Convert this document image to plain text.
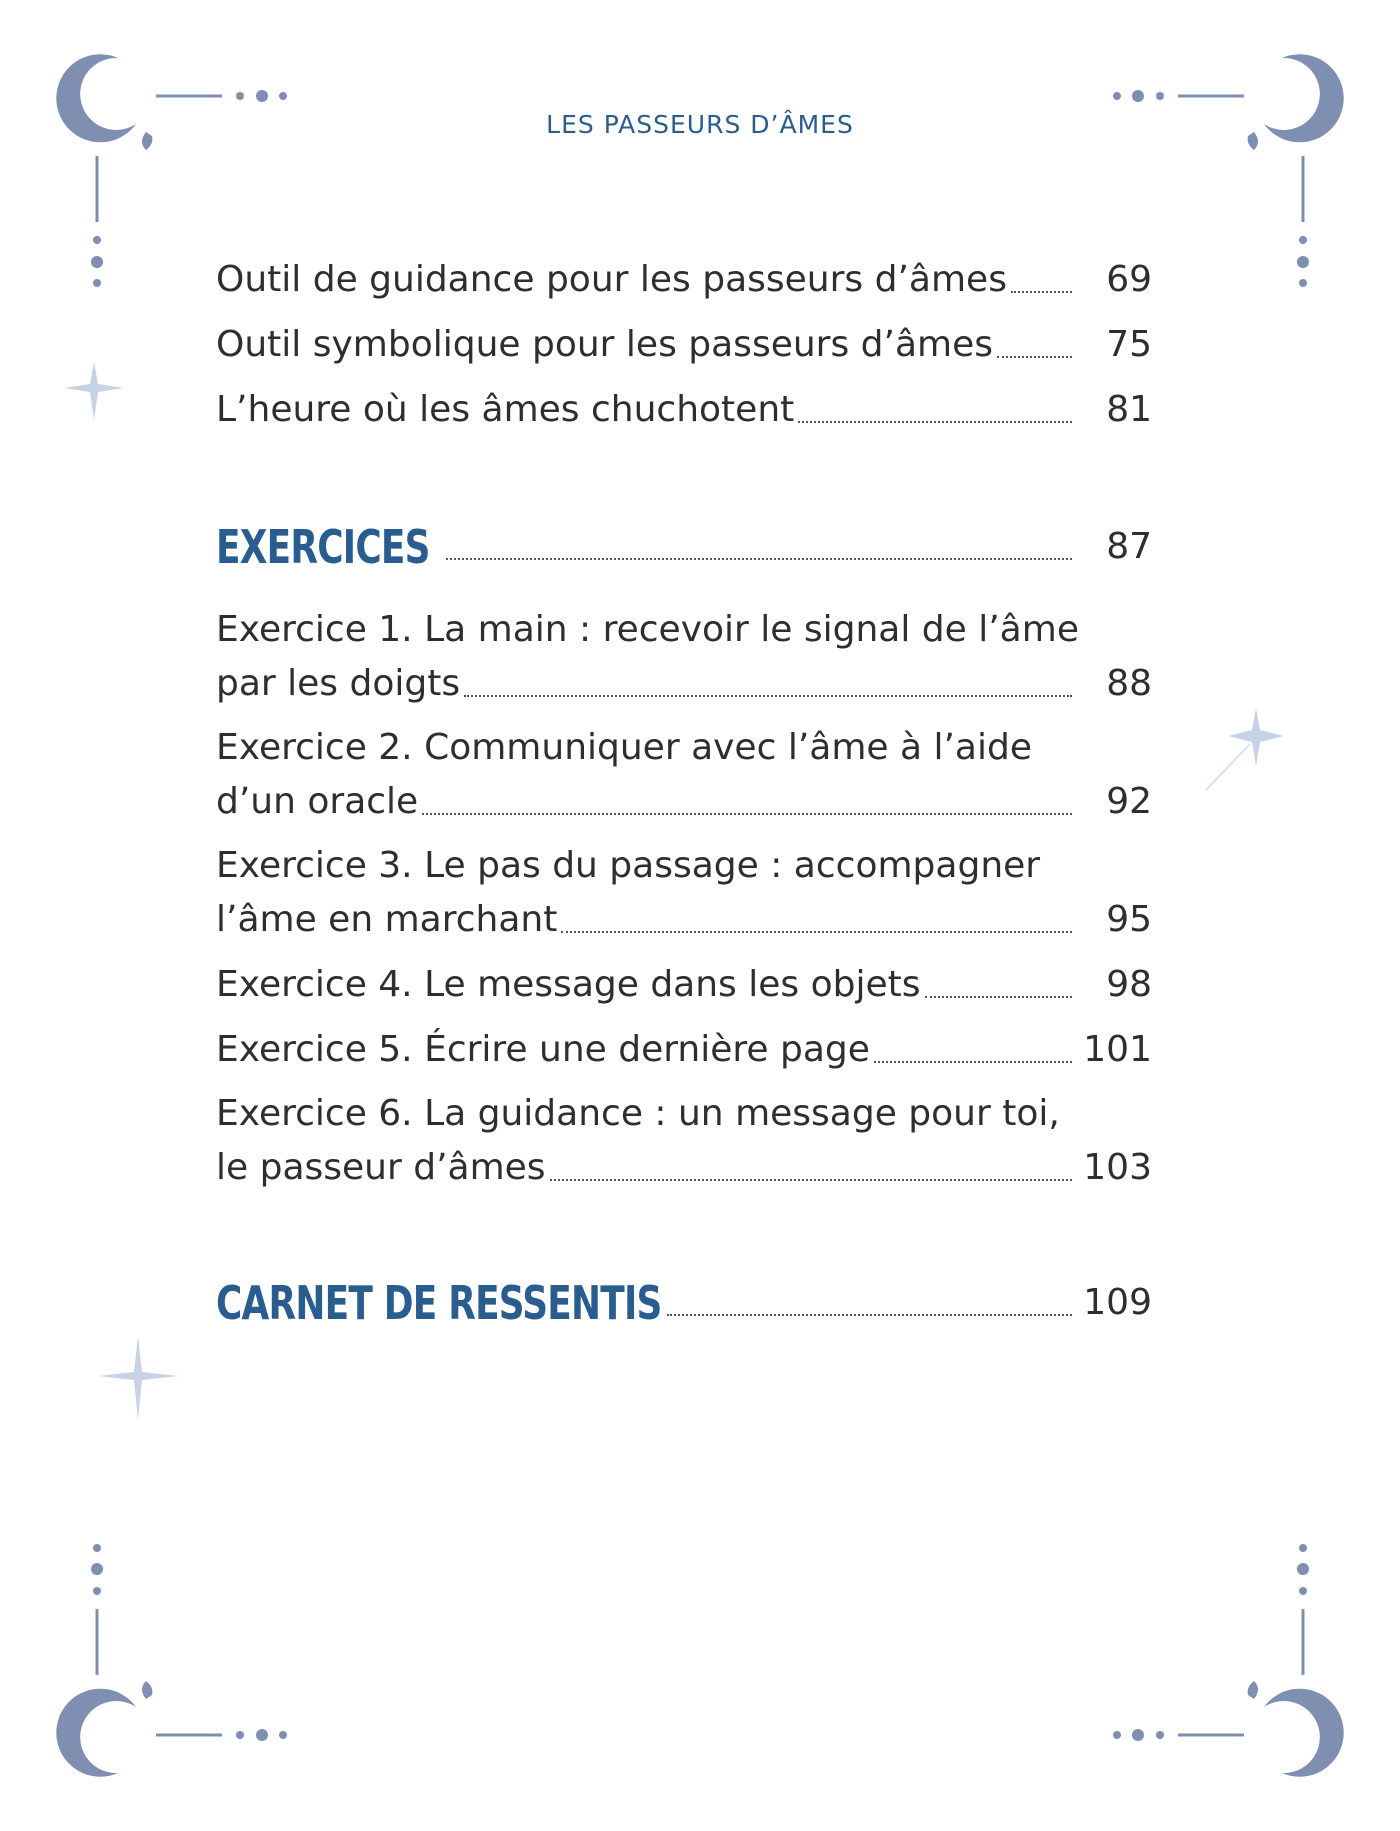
LES PASSEURS D’ÂMES
Outil de guidance pour les passeurs d’âmes	69
Outil symbolique pour les passeurs d’âmes	75
L’heure où les âmes chuchotent	81
EXERCICES	87
Exercice 1. La main : recevoir le signal de l’âme
par les doigts	88
Exercice 2. Communiquer avec l’âme à l’aide
d’un oracle	92
Exercice 3. Le pas du passage : accompagner
l’âme en marchant	95
Exercice 4. Le message dans les objets	98
Exercice 5. Écrire une dernière page	101
Exercice 6. La guidance : un message pour toi,
le passeur d’âmes	103
CARNET DE RESSENTIS	109
